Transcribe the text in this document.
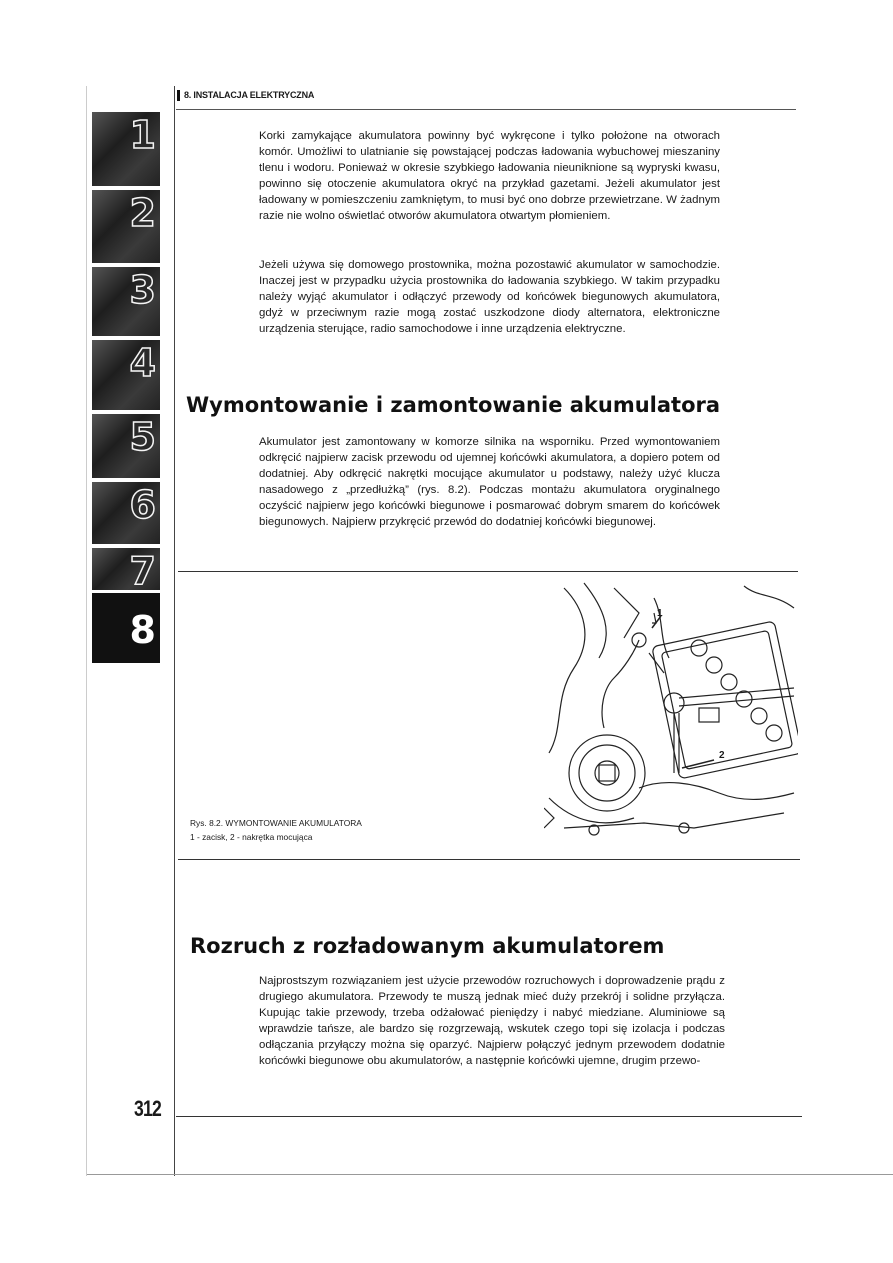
8. INSTALACJA ELEKTRYCZNA
1
2
3
4
5
6
7
8
Korki zamykające akumulatora powinny być wykręcone i tylko położone na otworach komór. Umożliwi to ulatnianie się powstającej podczas ładowania wybuchowej mieszaniny tlenu i wodoru. Ponieważ w okresie szybkiego ładowania nieuniknione są wypryski kwasu, powinno się otoczenie akumulatora okryć na przykład gazetami. Jeżeli akumulator jest ładowany w pomieszczeniu zamkniętym, to musi być ono dobrze przewietrzane. W żadnym razie nie wolno oświetlać otworów akumulatora otwartym płomieniem.
Jeżeli używa się domowego prostownika, można pozostawić akumulator w samochodzie. Inaczej jest w przypadku użycia prostownika do ładowania szybkiego. W takim przypadku należy wyjąć akumulator i odłączyć przewody od końcówek biegunowych akumulatora, gdyż w przeciwnym razie mogą zostać uszkodzone diody alternatora, elektroniczne urządzenia sterujące, radio samochodowe i inne urządzenia elektryczne.
Wymontowanie i zamontowanie akumulatora
Akumulator jest zamontowany w komorze silnika na wsporniku. Przed wymontowaniem odkręcić najpierw zacisk przewodu od ujemnej końcówki akumulatora, a dopiero potem od dodatniej. Aby odkręcić nakrętki mocujące akumulator u podstawy, należy użyć klucza nasadowego z „przedłużką” (rys. 8.2). Podczas montażu akumulatora oryginalnego oczyścić najpierw jego końcówki biegunowe i posmarować dobrym smarem do końcówek biegunowych. Najpierw przykręcić przewód do dodatniej końcówki biegunowej.
1
2
Rys. 8.2. WYMONTOWANIE AKUMULATORA
1 - zacisk, 2 - nakrętka mocująca
Rozruch z rozładowanym akumulatorem
Najprostszym rozwiązaniem jest użycie przewodów rozruchowych i doprowadzenie prądu z drugiego akumulatora. Przewody te muszą jednak mieć duży przekrój i solidne przyłącza. Kupując takie przewody, trzeba odżałować pieniędzy i nabyć miedziane. Aluminiowe są wprawdzie tańsze, ale bardzo się rozgrzewają, wskutek czego topi się izolacja i podczas odłączania przyłączy można się oparzyć. Najpierw połączyć jednym przewodem dodatnie końcówki biegunowe obu akumulatorów, a następnie końcówki ujemne, drugim przewo-
312
